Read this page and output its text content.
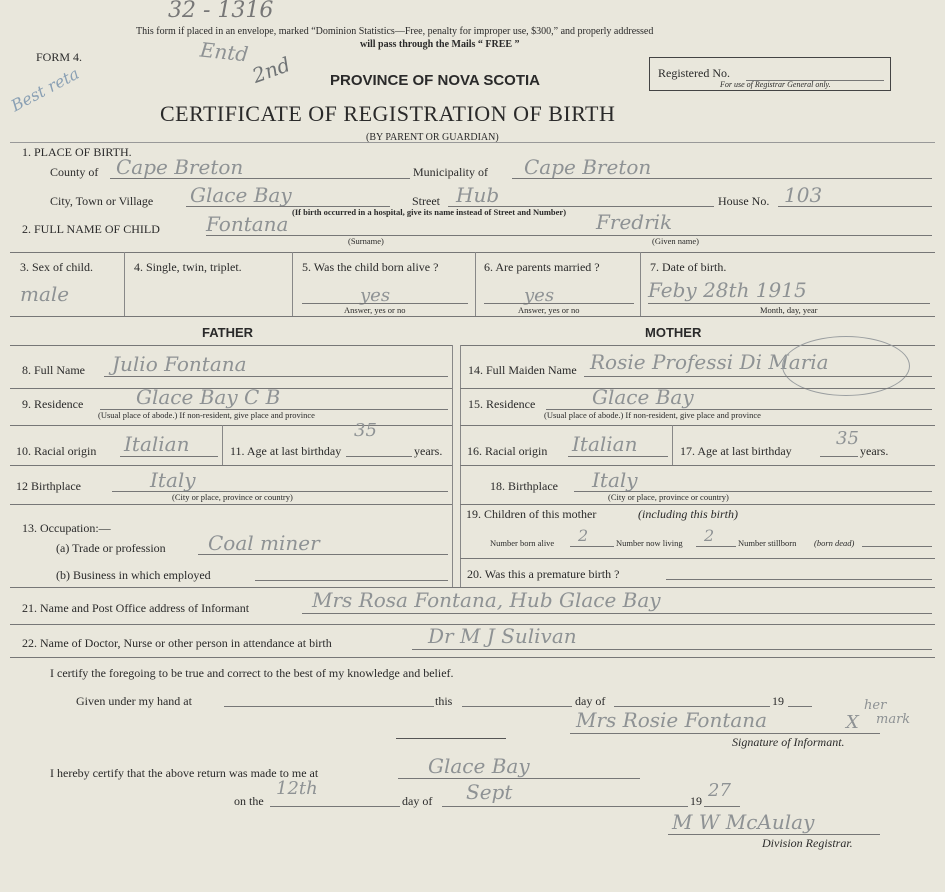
32 - 1316
This form if placed in an envelope, marked “Dominion Statistics—Free, penalty for improper use, $300,” and properly addressed
will pass through the Mails “ FREE ”
FORM 4.	Entd
2nd
Best reta	PROVINCE OF NOVA SCOTIA
CERTIFICATE OF REGISTRATION OF BIRTH
(BY PARENT OR GUARDIAN)
Registered No.
For use of Registrar General only.
1. PLACE OF BIRTH.
County of Cape Breton	Municipality of Cape Breton
City, Town or Village Glace Bay	Street Hub
(If birth occurred in a hospital, give its name instead of Street and Number)
House No. 103
2. FULL NAME OF CHILD Fontana	Fredrik
(Surname)	(Given name)
3. Sex of child.
male
4. Single, twin, triplet.	5. Was the child born alive ?
yes
Answer, yes or no
6. Are parents married ?
yes
Answer, yes or no
7. Date of birth.
Feby 28th 1915
Month, day, year
FATHER	MOTHER
8. Full Name Julio Fontana
9. Residence	Glace Bay C B
(Usual place of abode.) If non-resident, give place and province
10. Racial origin Italian	11. Age at last birthday
35
years.
12 Birthplace	Italy
(City or place, province or country)
13. Occupation:—
(a) Trade or profession Coal miner
(b) Business in which employed
14. Full Maiden Name Rosie Professi Di Maria
15. Residence	Glace Bay
(Usual place of abode.) If non-resident, give place and province
16. Racial origin Italian	17. Age at last birthday
35
years.
18. Birthplace Italy
(City or place, province or country)
19. Children of this mother	(including this birth)
Number born alive 2	Number now living 2	Number stillborn (born dead)
20. Was this a premature birth ?
21. Name and Post Office address of Informant	Mrs Rosa Fontana, Hub Glace Bay
22. Name of Doctor, Nurse or other person in attendance at birth	Dr M J Sulivan
I certify the foregoing to be true and correct to the best of my knowledge and belief.
Given under my hand at	this	day of	19
Mrs Rosie Fontana	X
her
mark
Signature of Informant.
I hereby certify that the above return was made to me at	Glace Bay
on the
12th
day of Sept	19 27
M W McAulay
Division Registrar.
